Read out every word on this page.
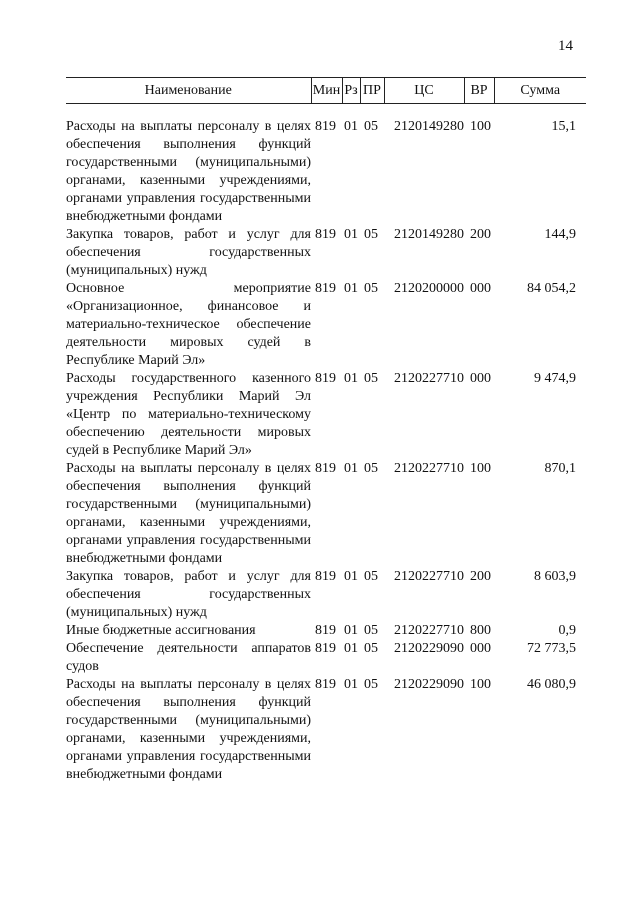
14
Наименование	Мин	Рз	ПР	ЦС	ВР	Сумма

Расходы на выплаты персоналу в целях обеспечения выполнения функций государственными (муниципальными) органами, казенными учреждениями, органами управления государственными внебюджетными фондами	819	01	05	2120149280	100	15,1
Закупка товаров, работ и услуг для обеспечения государственных (муниципальных) нужд	819	01	05	2120149280	200	144,9
Основное мероприятие «Организационное, финансовое и материально-техническое обеспечение деятельности мировых судей в Республике Марий Эл»	819	01	05	2120200000	000	84 054,2
Расходы государственного казенного учреждения Республики Марий Эл «Центр по материально-техническому обеспечению деятельности мировых судей в Республике Марий Эл»	819	01	05	2120227710	000	9 474,9
Расходы на выплаты персоналу в целях обеспечения выполнения функций государственными (муниципальными) органами, казенными учреждениями, органами управления государственными внебюджетными фондами	819	01	05	2120227710	100	870,1
Закупка товаров, работ и услуг для обеспечения государственных (муниципальных) нужд	819	01	05	2120227710	200	8 603,9
Иные бюджетные ассигнования	819	01	05	2120227710	800	0,9
Обеспечение деятельности аппаратов судов	819	01	05	2120229090	000	72 773,5
Расходы на выплаты персоналу в целях обеспечения выполнения функций государственными (муниципальными) органами, казенными учреждениями, органами управления государственными внебюджетными фондами	819	01	05	2120229090	100	46 080,9
